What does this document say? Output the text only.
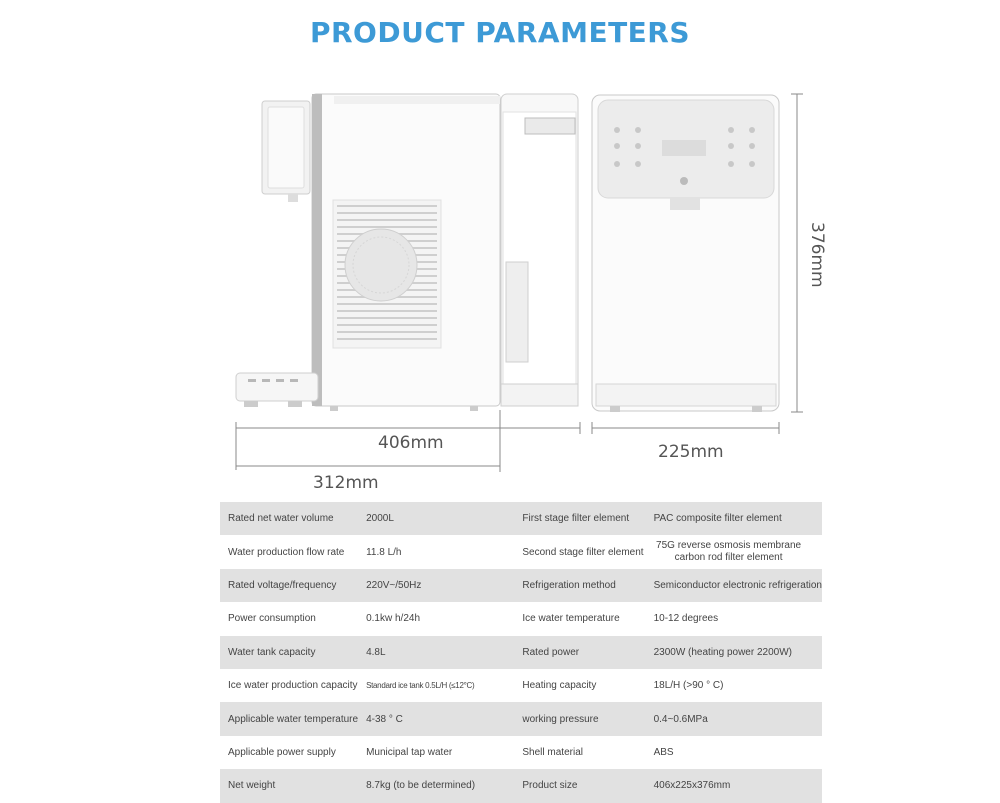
PRODUCT PARAMETERS
406mm
312mm
225mm
376mm
Rated net water volume	2000L	First stage filter element	PAC composite filter element
Water production flow rate	11.8 L/h	Second stage filter element	75G reverse osmosis membrane
carbon rod filter element

Rated voltage/frequency	220V~/50Hz	Refrigeration method	Semiconductor electronic refrigeration
Power consumption	0.1kw h/24h	Ice water temperature	10-12 degrees
Water tank capacity	4.8L	Rated power	2300W (heating power 2200W)
Ice water production capacity	Standard ice tank 0.5L/H (≤12°C)	Heating capacity	18L/H (>90 ° C)
Applicable water temperature	4-38 ° C	working pressure	0.4~0.6MPa
Applicable power supply	Municipal tap water	Shell material	ABS
Net weight	8.7kg (to be determined)	Product size	406x225x376mm
